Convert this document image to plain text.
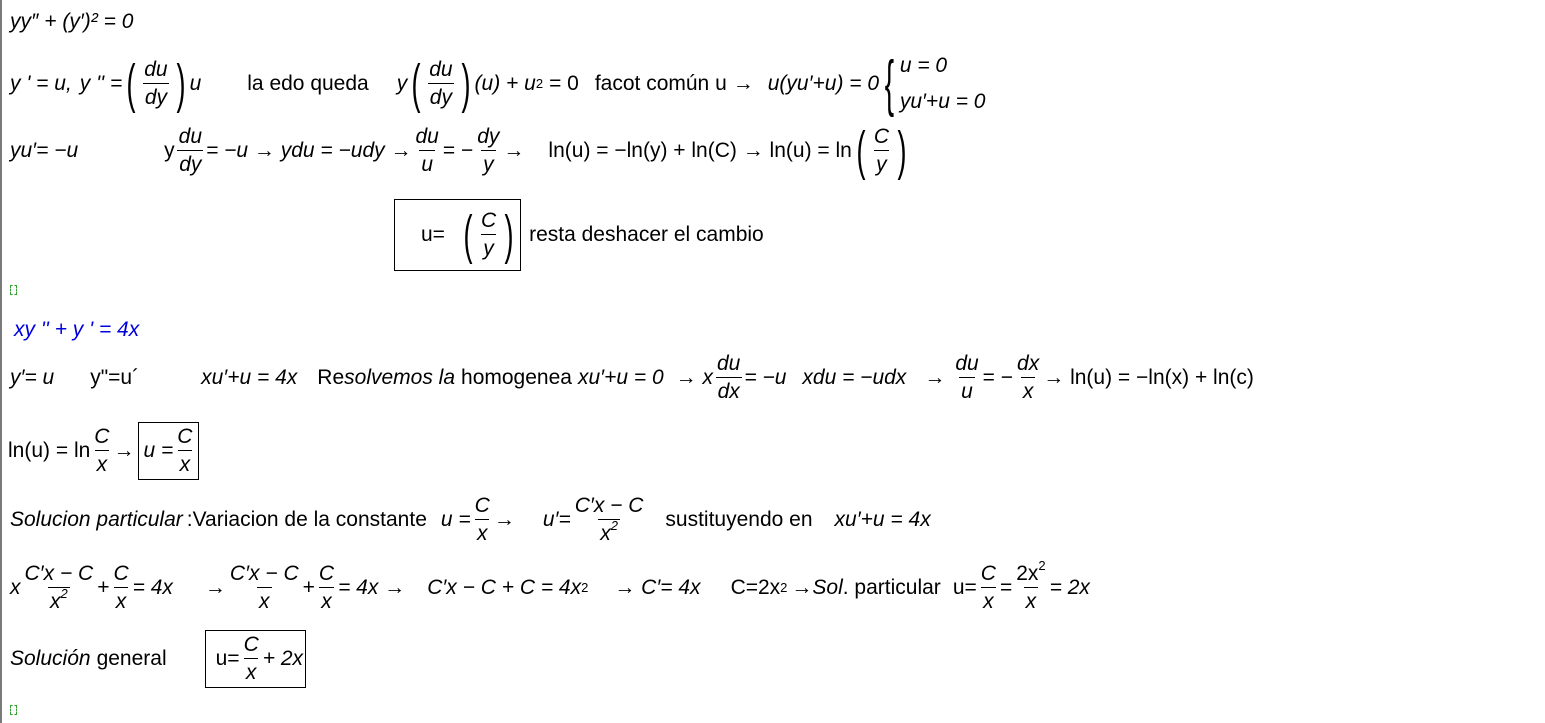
yy″ + (y′)² = 0
y ' = u, y '' = ( $\frac{du}{dy}$ ) u la edo queda y ( $\frac{du}{dy}$ ) (u) + u 2 = 0 facot común u → u(yu′+u) = 0 { u = 0
yu′+u = 0
yu′= −u	y $\frac{du}{dy} = -u$ → ydu = $-udy \to \frac{du}{u}$ = − $\frac{dy}{y} \to \ln(u) = -\ln(y) + \ln(C) \to \ln(u) = \ln$ ( $\frac{C}{y}$ )
u= ( $\frac{C}{y}$ ) resta deshacer el cambio
xy '' + y ' = 4x
y′= u y"=u´	xu′+u = 4x Re solvemos la homogenea xu′+u = 0 → x $\frac{du}{dx} = -u$ xdu = $-udx \to \frac{du}{u}$ = − $\frac{dx}{x} \to \ln(u) = -\ln(x) + \ln(c)$
$\ln(u) = \ln \frac{C}{x} \to u = \frac{C}{x}$
Solucion particular : Variacion de la constante $u = \frac{C}{x} \to u'= \frac{C'x - C}{x^2}$ sustituyendo en xu′+u = 4x
x $\frac{C'x - C}{x^2} + \frac{C}{x} = 4x \to \frac{C'x - C}{x} + \frac{C}{x} = 4x \to C'x - C + C = 4x$ 2 → C′= 4x C=2x 2 → Sol . particular $u= \frac{C}{x} = \frac{2x^2}{x} = 2x$
Solución general $u= \frac{C}{x} + 2x$
